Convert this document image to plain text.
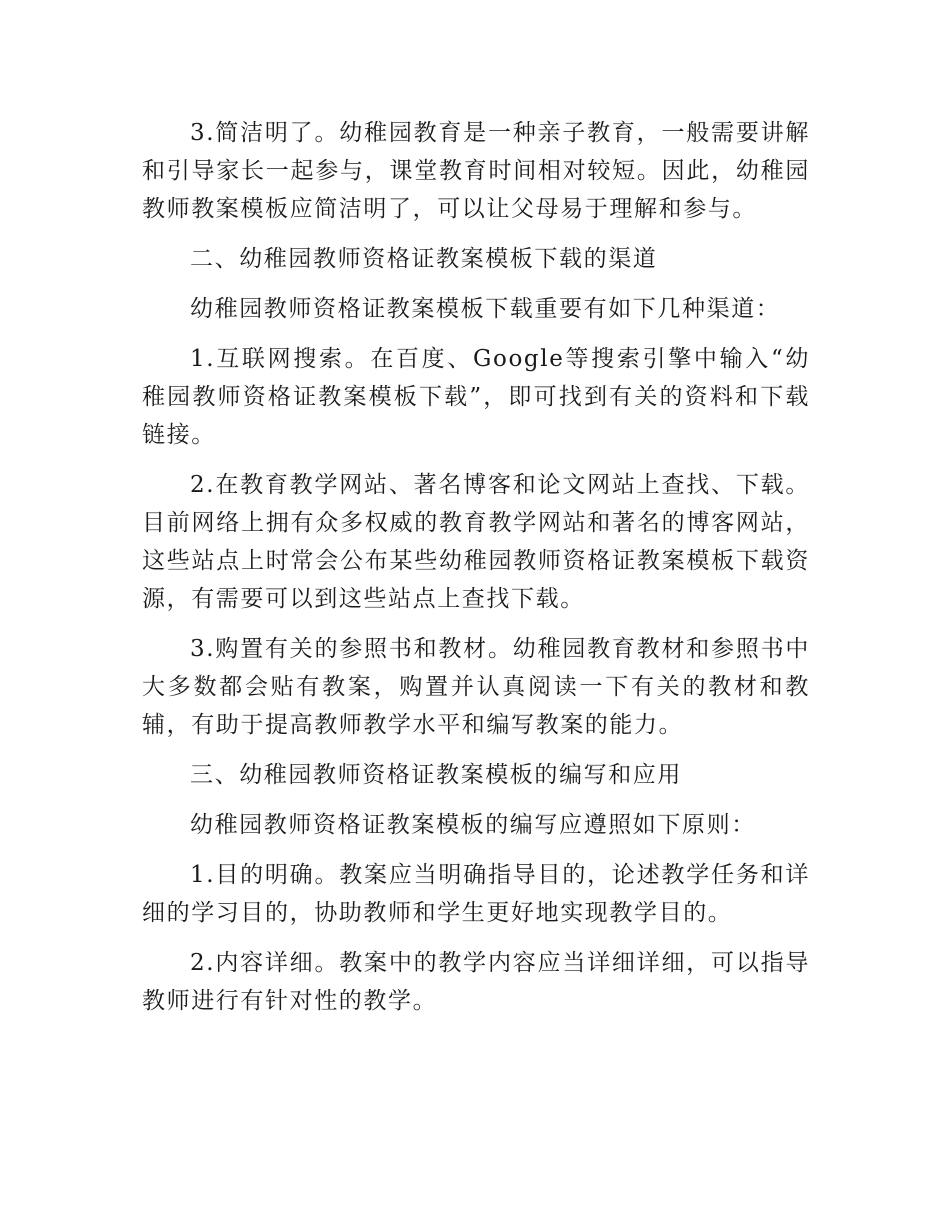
3.简洁明了。幼稚园教育是一种亲子教育，一般需要讲解和引导家长一起参与，课堂教育时间相对较短。因此，幼稚园教师教案模板应简洁明了，可以让父母易于理解和参与。

二、幼稚园教师资格证教案模板下载的渠道

幼稚园教师资格证教案模板下载重要有如下几种渠道：

1.互联网搜索。在百度、Google等搜索引擎中输入“幼稚园教师资格证教案模板下载”，即可找到有关的资料和下载链接。

2.在教育教学网站、著名博客和论文网站上查找、下载。目前网络上拥有众多权威的教育教学网站和著名的博客网站，这些站点上时常会公布某些幼稚园教师资格证教案模板下载资源，有需要可以到这些站点上查找下载。

3.购置有关的参照书和教材。幼稚园教育教材和参照书中大多数都会贴有教案，购置并认真阅读一下有关的教材和教辅，有助于提高教师教学水平和编写教案的能力。

三、幼稚园教师资格证教案模板的编写和应用

幼稚园教师资格证教案模板的编写应遵照如下原则：

1.目的明确。教案应当明确指导目的，论述教学任务和详细的学习目的，协助教师和学生更好地实现教学目的。

2.内容详细。教案中的教学内容应当详细详细，可以指导教师进行有针对性的教学。
